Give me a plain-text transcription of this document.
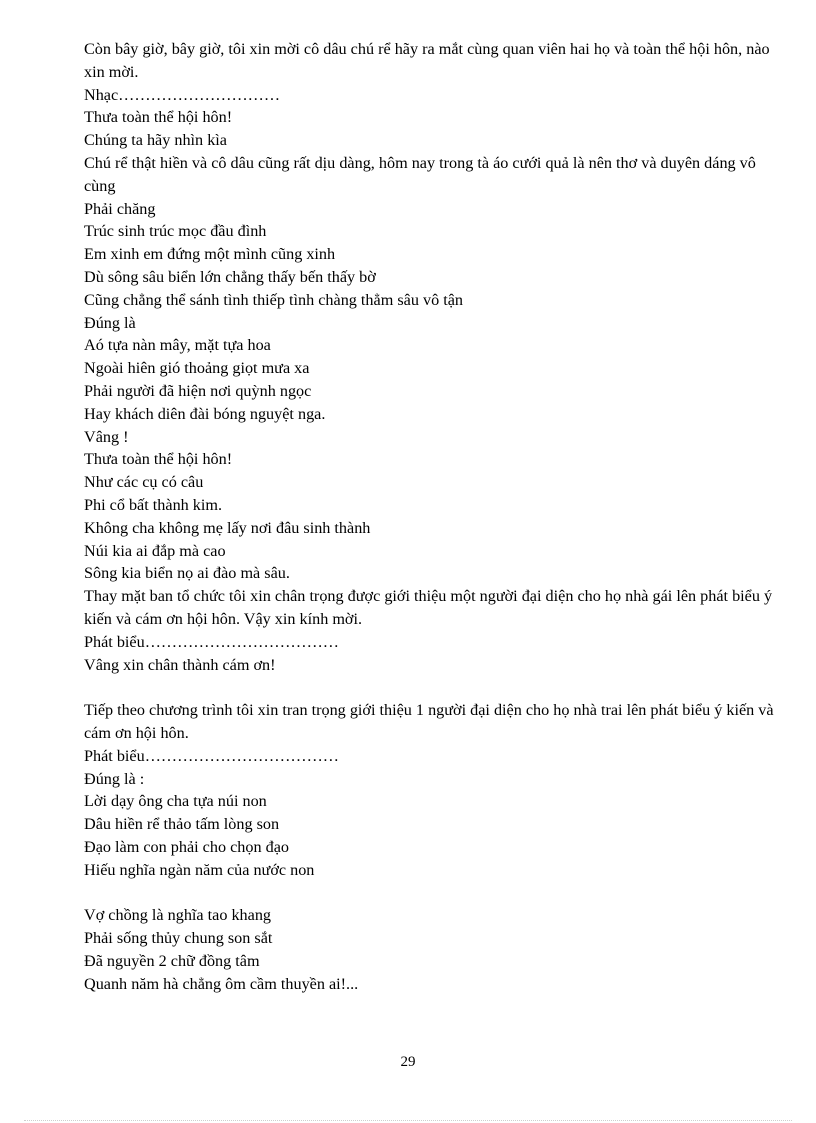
Còn bây giờ, bây giờ, tôi xin mời cô dâu chú rể hãy ra mắt cùng quan viên hai họ và toàn thể hội hôn, nào xin mời.
Nhạc…………………………
Thưa toàn thể hội hôn!
Chúng ta hãy nhìn kìa
Chú rể thật hiền và cô dâu cũng rất dịu dàng, hôm nay trong tà áo cưới quả là nên thơ và duyên dáng vô cùng
Phải chăng
Trúc sinh trúc mọc đầu đình
Em xinh em đứng một mình cũng xinh
Dù sông sâu biển lớn chẳng thấy bến thấy bờ
Cũng chẳng thể sánh tình thiếp tình chàng thẳm sâu vô tận
Đúng là
Aó tựa nàn mây, mặt tựa hoa
Ngoài hiên gió thoảng giọt mưa xa
Phải người đã hiện nơi quỳnh ngọc
Hay khách diên đài bóng nguyệt nga.
Vâng !
Thưa toàn thể hội hôn!
Như các cụ có câu
Phi cổ bất thành kim.
Không cha không mẹ lấy nơi đâu sinh thành
Núi kia ai đắp mà cao
Sông kia biển nọ ai đào mà sâu.
Thay mặt ban tổ chức tôi xin chân trọng được giới thiệu một người đại diện cho họ nhà gái lên phát biểu ý kiến và cám ơn hội hôn. Vậy xin kính mời.
Phát biểu………………………………
Vâng xin chân thành cám ơn!
Tiếp theo chương trình tôi xin tran trọng giới thiệu 1 người đại diện cho họ nhà trai lên phát biểu ý kiến và cám ơn hội hôn.
Phát biểu………………………………
Đúng là :
Lời dạy ông cha tựa núi non
Dâu hiền rể thảo tấm lòng son
Đạo làm con phải cho chọn đạo
Hiếu nghĩa ngàn năm của nước non
Vợ chồng là nghĩa tao khang
Phải sống thủy chung son sắt
Đã nguyền 2 chữ đồng tâm
Quanh năm hà chẳng ôm cầm thuyền ai!...
29
